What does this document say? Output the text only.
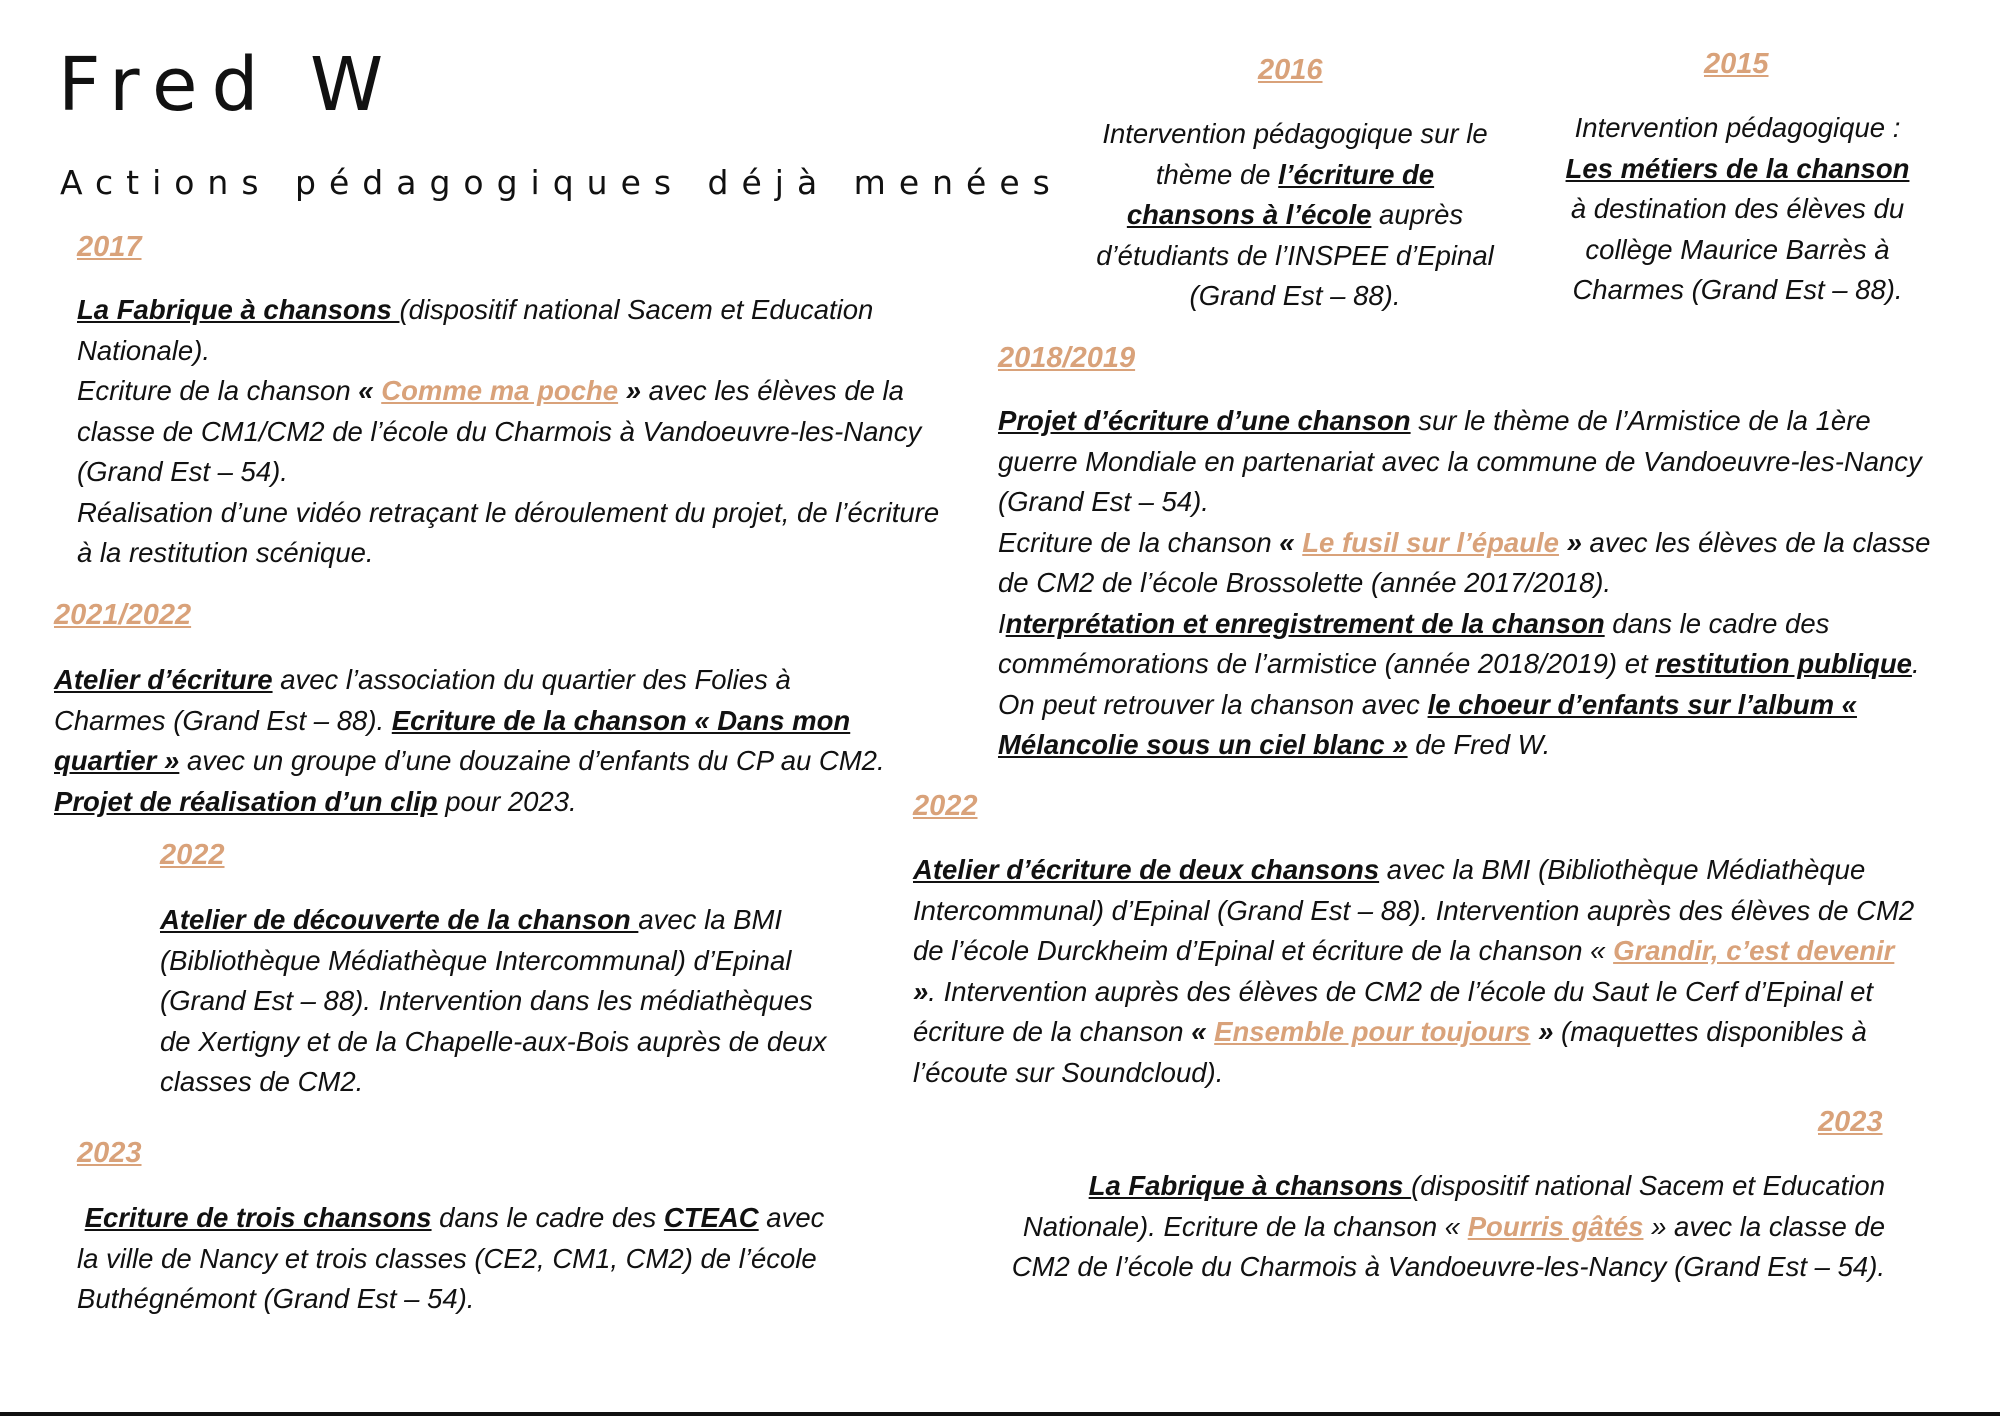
Fred W
Actions pédagogiques déjà menées
2017

La Fabrique à chansons (dispositif national Sacem et Education Nationale).

Ecriture de la chanson « Comme ma poche » avec les élèves de la classe de CM1/CM2 de l’école du Charmois à Vandoeuvre-les-Nancy (Grand Est – 54).

Réalisation d’une vidéo retraçant le déroulement du projet, de l’écriture à la restitution scénique.

2021/2022

Atelier d’écriture avec l’association du quartier des Folies à Charmes (Grand Est – 88). Ecriture de la chanson « Dans mon quartier » avec un groupe d’une douzaine d’enfants du CP au CM2. Projet de réalisation d’un clip pour 2023.

2022

Atelier de découverte de la chanson avec la BMI (Bibliothèque Médiathèque Intercommunal) d’Epinal (Grand Est – 88). Intervention dans les médiathèques de Xertigny et de la Chapelle-aux-Bois auprès de deux classes de CM2.

2023

Ecriture de trois chansons dans le cadre des CTEAC avec la ville de Nancy et trois classes (CE2, CM1, CM2) de l’école Buthégnémont (Grand Est – 54).

2016

Intervention pédagogique sur le thème de l’écriture de chansons à l’école auprès d’étudiants de l’INSPEE d’Epinal (Grand Est – 88).

2015

Intervention pédagogique :

Les métiers de la chanson

à destination des élèves du collège Maurice Barrès à Charmes (Grand Est – 88).

2018/2019

Projet d’écriture d’une chanson sur le thème de l’Armistice de la 1ère guerre Mondiale en partenariat avec la commune de Vandoeuvre-les-Nancy (Grand Est – 54).

Ecriture de la chanson « Le fusil sur l’épaule » avec les élèves de la classe de CM2 de l’école Brossolette (année 2017/2018).

Interprétation et enregistrement de la chanson dans le cadre des commémorations de l’armistice (année 2018/2019) et restitution publique. On peut retrouver la chanson avec le choeur d’enfants sur l’album « Mélancolie sous un ciel blanc » de Fred W.

2022

Atelier d’écriture de deux chansons avec la BMI (Bibliothèque Médiathèque Intercommunal) d’Epinal (Grand Est – 88). Intervention auprès des élèves de CM2 de l’école Durckheim d’Epinal et écriture de la chanson « Grandir, c’est devenir ». Intervention auprès des élèves de CM2 de l’école du Saut le Cerf d’Epinal et écriture de la chanson « Ensemble pour toujours » (maquettes disponibles à l’écoute sur Soundcloud).

2023

La Fabrique à chansons (dispositif national Sacem et Education Nationale). Ecriture de la chanson « Pourris gâtés » avec la classe de CM2 de l’école du Charmois à Vandoeuvre-les-Nancy (Grand Est – 54).
